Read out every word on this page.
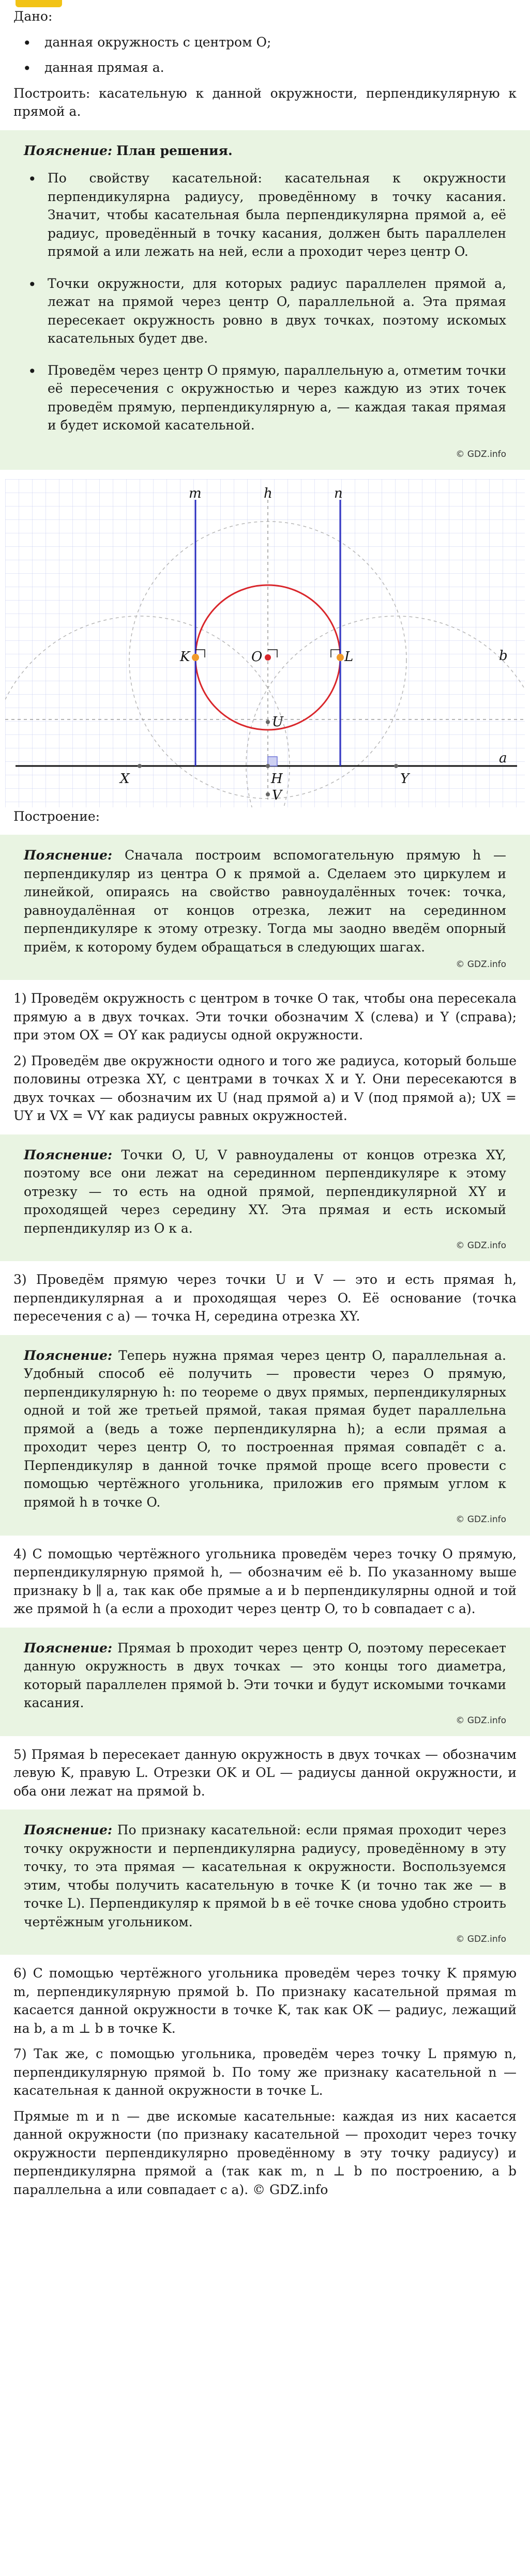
Дано:

• данная окружность с центром O;
• данная прямая a.

Построить: касательную к данной окружности, перпендикулярную к прямой a.

Пояснение: План решения.
• По свойству касательной: касательная к окружности перпендикулярна радиусу, проведённому в точку касания. Значит, чтобы касательная была перпендикулярна прямой a, её радиус, проведённый в точку касания, должен быть параллелен прямой a или лежать на ней, если a проходит через центр O.
• Точки окружности, для которых радиус параллелен прямой a, лежат на прямой через центр O, параллельной a. Эта прямая пересекает окружность ровно в двух точках, поэтому искомых касательных будет две.
• Проведём через центр O прямую, параллельную a, отметим точки её пересечения с окружностью и через каждую из этих точек проведём прямую, перпендикулярную a, — каждая такая прямая и будет искомой касательной.
© GDZ.info
m	h	n
b
a
K	O	L
U
X	H	Y
V

Построение:

Пояснение: Сначала построим вспомогательную прямую h — перпендикуляр из центра O к прямой a. Сделаем это циркулем и линейкой, опираясь на свойство равноудалённых точек: точка, равноудалённая от концов отрезка, лежит на серединном перпендикуляре к этому отрезку. Тогда мы заодно введём опорный приём, к которому будем обращаться в следующих шагах.
© GDZ.info

1) Проведём окружность с центром в точке O так, чтобы она пересекала прямую a в двух точках. Эти точки обозначим X (слева) и Y (справа); при этом OX = OY как радиусы одной окружности.

2) Проведём две окружности одного и того же радиуса, который больше половины отрезка XY, с центрами в точках X и Y. Они пересекаются в двух точках — обозначим их U (над прямой a) и V (под прямой a); UX = UY и VX = VY как радиусы равных окружностей.

Пояснение: Точки O, U, V равноудалены от концов отрезка XY, поэтому все они лежат на серединном перпендикуляре к этому отрезку — то есть на одной прямой, перпендикулярной XY и проходящей через середину XY. Эта прямая и есть искомый перпендикуляр из O к a.
© GDZ.info

3) Проведём прямую через точки U и V — это и есть прямая h, перпендикулярная a и проходящая через O. Её основание (точка пересечения с a) — точка H, середина отрезка XY.

Пояснение: Теперь нужна прямая через центр O, параллельная a. Удобный способ её получить — провести через O прямую, перпендикулярную h: по теореме о двух прямых, перпендикулярных одной и той же третьей прямой, такая прямая будет параллельна прямой a (ведь a тоже перпендикулярна h); а если прямая a проходит через центр O, то построенная прямая совпадёт с a. Перпендикуляр в данной точке прямой проще всего провести с помощью чертёжного угольника, приложив его прямым углом к прямой h в точке O.
© GDZ.info

4) С помощью чертёжного угольника проведём через точку O прямую, перпендикулярную прямой h, — обозначим её b. По указанному выше признаку b ∥ a, так как обе прямые a и b перпендикулярны одной и той же прямой h (а если a проходит через центр O, то b совпадает с a).

Пояснение: Прямая b проходит через центр O, поэтому пересекает данную окружность в двух точках — это концы того диаметра, который параллелен прямой b. Эти точки и будут искомыми точками касания.
© GDZ.info

5) Прямая b пересекает данную окружность в двух точках — обозначим левую K, правую L. Отрезки OK и OL — радиусы данной окружности, и оба они лежат на прямой b.

Пояснение: По признаку касательной: если прямая проходит через точку окружности и перпендикулярна радиусу, проведённому в эту точку, то эта прямая — касательная к окружности. Воспользуемся этим, чтобы получить касательную в точке K (и точно так же — в точке L). Перпендикуляр к прямой b в её точке снова удобно строить чертёжным угольником.
© GDZ.info

6) С помощью чертёжного угольника проведём через точку K прямую m, перпендикулярную прямой b. По признаку касательной прямая m касается данной окружности в точке K, так как OK — радиус, лежащий на b, а m ⊥ b в точке K.

7) Так же, с помощью угольника, проведём через точку L прямую n, перпендикулярную прямой b. По тому же признаку касательной n — касательная к данной окружности в точке L.

Прямые m и n — две искомые касательные: каждая из них касается данной окружности (по признаку касательной — проходит через точку окружности перпендикулярно проведённому в эту точку радиусу) и перпендикулярна прямой a (так как m, n ⊥ b по построению, а b параллельна a или совпадает с a). © GDZ.info
